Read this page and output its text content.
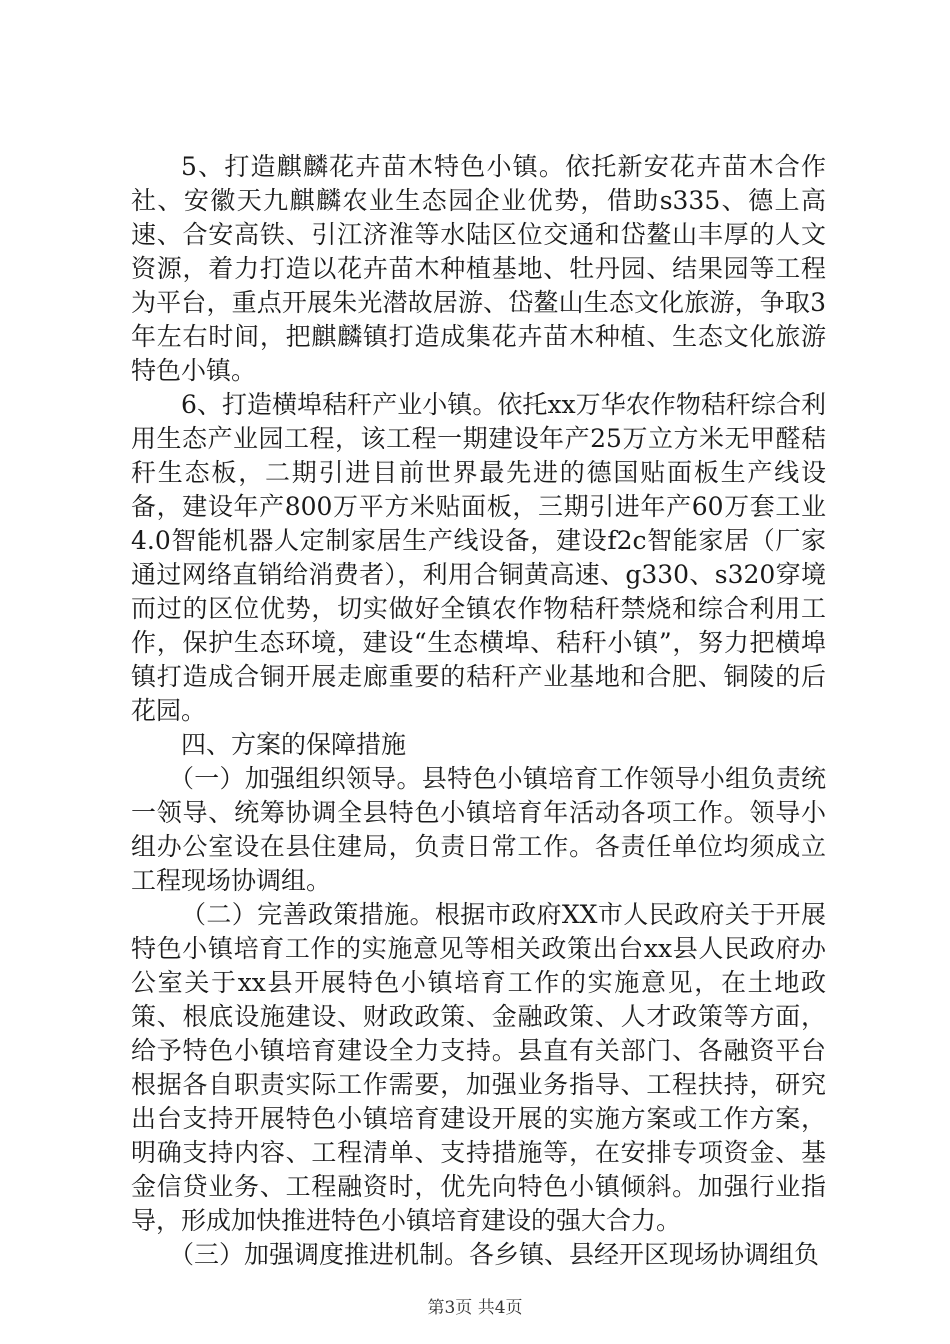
5、打造麒麟花卉苗木特色小镇。依托新安花卉苗木合作社、安徽天九麒麟农业生态园企业优势，借助s335、德上高速、合安高铁、引江济淮等水陆区位交通和岱鳌山丰厚的人文资源，着力打造以花卉苗木种植基地、牡丹园、结果园等工程为平台，重点开展朱光潜故居游、岱鳌山生态文化旅游，争取3年左右时间，把麒麟镇打造成集花卉苗木种植、生态文化旅游特色小镇。

6、打造横埠秸秆产业小镇。依托xx万华农作物秸秆综合利用生态产业园工程，该工程一期建设年产25万立方米无甲醛秸秆生态板，二期引进目前世界最先进的德国贴面板生产线设备，建设年产800万平方米贴面板，三期引进年产60万套工业4.0智能机器人定制家居生产线设备，建设f2c智能家居（厂家通过网络直销给消费者），利用合铜黄高速、g330、s320穿境而过的区位优势，切实做好全镇农作物秸秆禁烧和综合利用工作，保护生态环境，建设“生态横埠、秸秆小镇”，努力把横埠镇打造成合铜开展走廊重要的秸秆产业基地和合肥、铜陵的后花园。

四、方案的保障措施

（一）加强组织领导。县特色小镇培育工作领导小组负责统一领导、统筹协调全县特色小镇培育年活动各项工作。领导小组办公室设在县住建局，负责日常工作。各责任单位均须成立工程现场协调组。

（二）完善政策措施。根据市政府XX市人民政府关于开展特色小镇培育工作的实施意见等相关政策出台xx县人民政府办公室关于xx县开展特色小镇培育工作的实施意见，在土地政策、根底设施建设、财政政策、金融政策、人才政策等方面，给予特色小镇培育建设全力支持。县直有关部门、各融资平台根据各自职责实际工作需要，加强业务指导、工程扶持，研究出台支持开展特色小镇培育建设开展的实施方案或工作方案，明确支持内容、工程清单、支持措施等，在安排专项资金、基金信贷业务、工程融资时，优先向特色小镇倾斜。加强行业指导，形成加快推进特色小镇培育建设的强大合力。

（三）加强调度推进机制。各乡镇、县经开区现场协调组负

第3页 共4页
